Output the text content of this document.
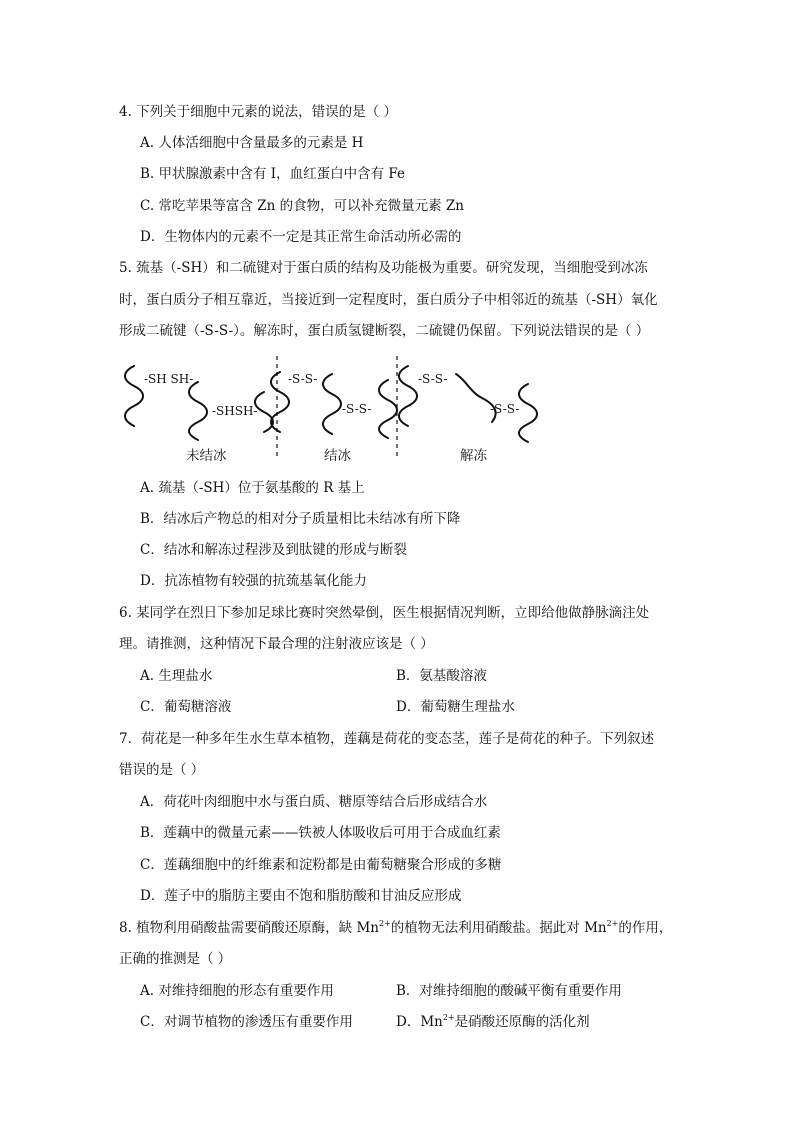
4. 下列关于细胞中元素的说法，错误的是（ ）
A. 人体活细胞中含量最多的元素是 H
B. 甲状腺激素中含有 I，血红蛋白中含有 Fe
C. 常吃苹果等富含 Zn 的食物，可以补充微量元素 Zn
D．生物体内的元素不一定是其正常生命活动所必需的
5. 巯基（-SH）和二硫键对于蛋白质的结构及功能极为重要。研究发现，当细胞受到冰冻
时，蛋白质分子相互靠近，当接近到一定程度时，蛋白质分子中相邻近的巯基（-SH）氧化
形成二硫键（-S-S-）。解冻时，蛋白质氢键断裂，二硫键仍保留。下列说法错误的是（ ）
-SH SH-
-SHSH-
-S-S-
-S-S-
-S-S-
-S-S-
未结冰	结冰	解冻
A. 巯基（-SH）位于氨基酸的 R 基上
B．结冰后产物总的相对分子质量相比未结冰有所下降
C．结冰和解冻过程涉及到肽键的形成与断裂
D．抗冻植物有较强的抗巯基氧化能力
6. 某同学在烈日下参加足球比赛时突然晕倒，医生根据情况判断，立即给他做静脉滴注处
理。请推测，这种情况下最合理的注射液应该是（ ）
A. 生理盐水	B．氨基酸溶液
C．葡萄糖溶液	D．葡萄糖生理盐水
7．荷花是一种多年生水生草本植物，莲藕是荷花的变态茎，莲子是荷花的种子。下列叙述
错误的是（ ）
A．荷花叶肉细胞中水与蛋白质、糖原等结合后形成结合水
B．莲藕中的微量元素——铁被人体吸收后可用于合成血红素
C．莲藕细胞中的纤维素和淀粉都是由葡萄糖聚合形成的多糖
D．莲子中的脂肪主要由不饱和脂肪酸和甘油反应形成
8. 植物利用硝酸盐需要硝酸还原酶，缺 $Mn^{2+}$的植物无法利用硝酸盐。据此对 $Mn^{2+}$的作用，
正确的推测是（ ）
A. 对维持细胞的形态有重要作用	B．对维持细胞的酸碱平衡有重要作用
C．对调节植物的渗透压有重要作用	D．$Mn^{2+}$是硝酸还原酶的活化剂
